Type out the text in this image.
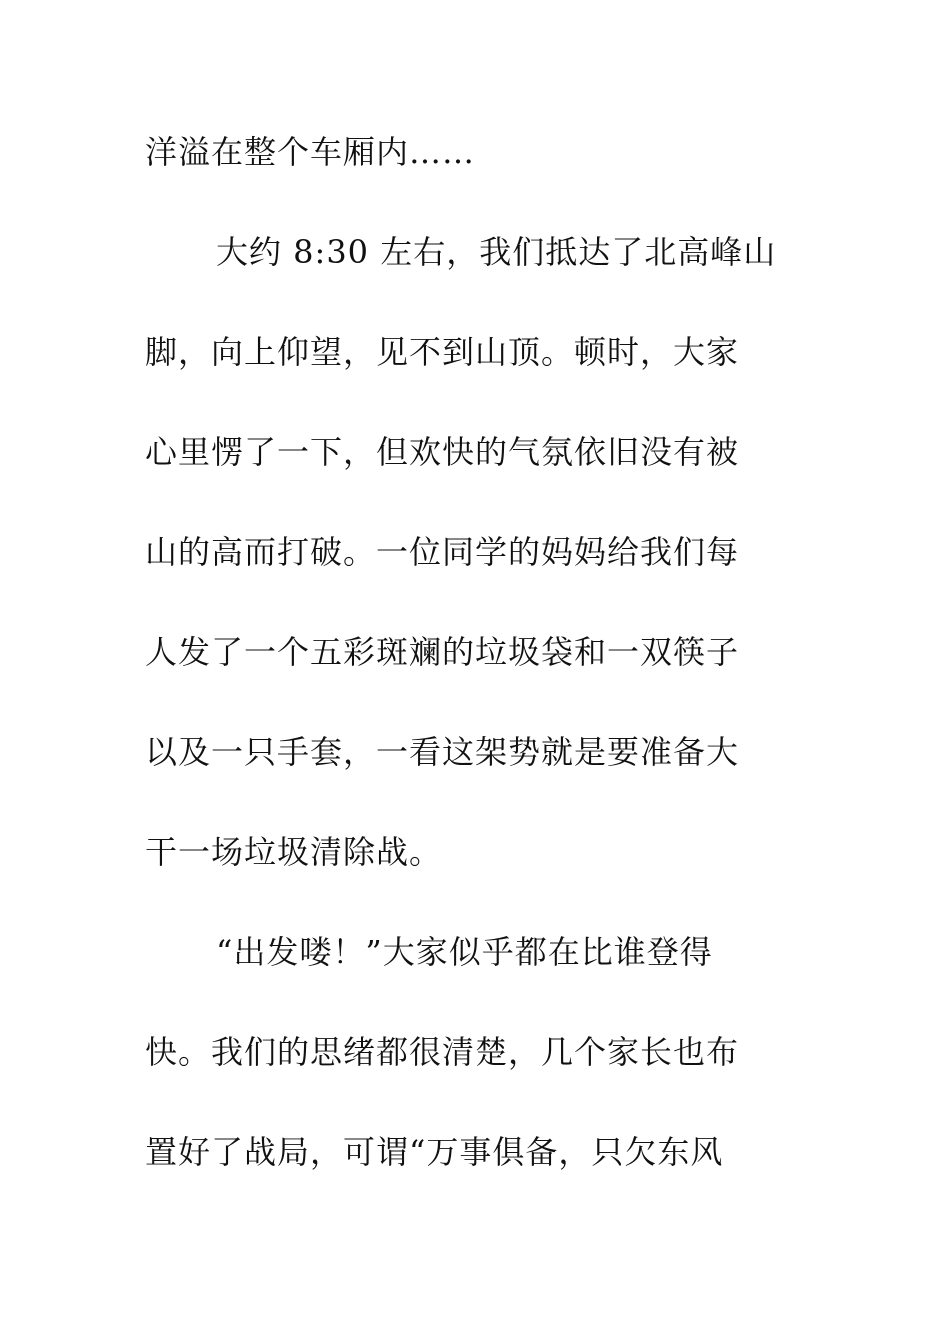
洋溢在整个车厢内……
大约 8:30 左右，我们抵达了北高峰山
脚，向上仰望，见不到山顶。顿时，大家
心里愣了一下，但欢快的气氛依旧没有被
山的高而打破。一位同学的妈妈给我们每
人发了一个五彩斑斓的垃圾袋和一双筷子
以及一只手套，一看这架势就是要准备大
干一场垃圾清除战。
“出发喽！”大家似乎都在比谁登得
快。我们的思绪都很清楚，几个家长也布
置好了战局，可谓“万事俱备，只欠东风
